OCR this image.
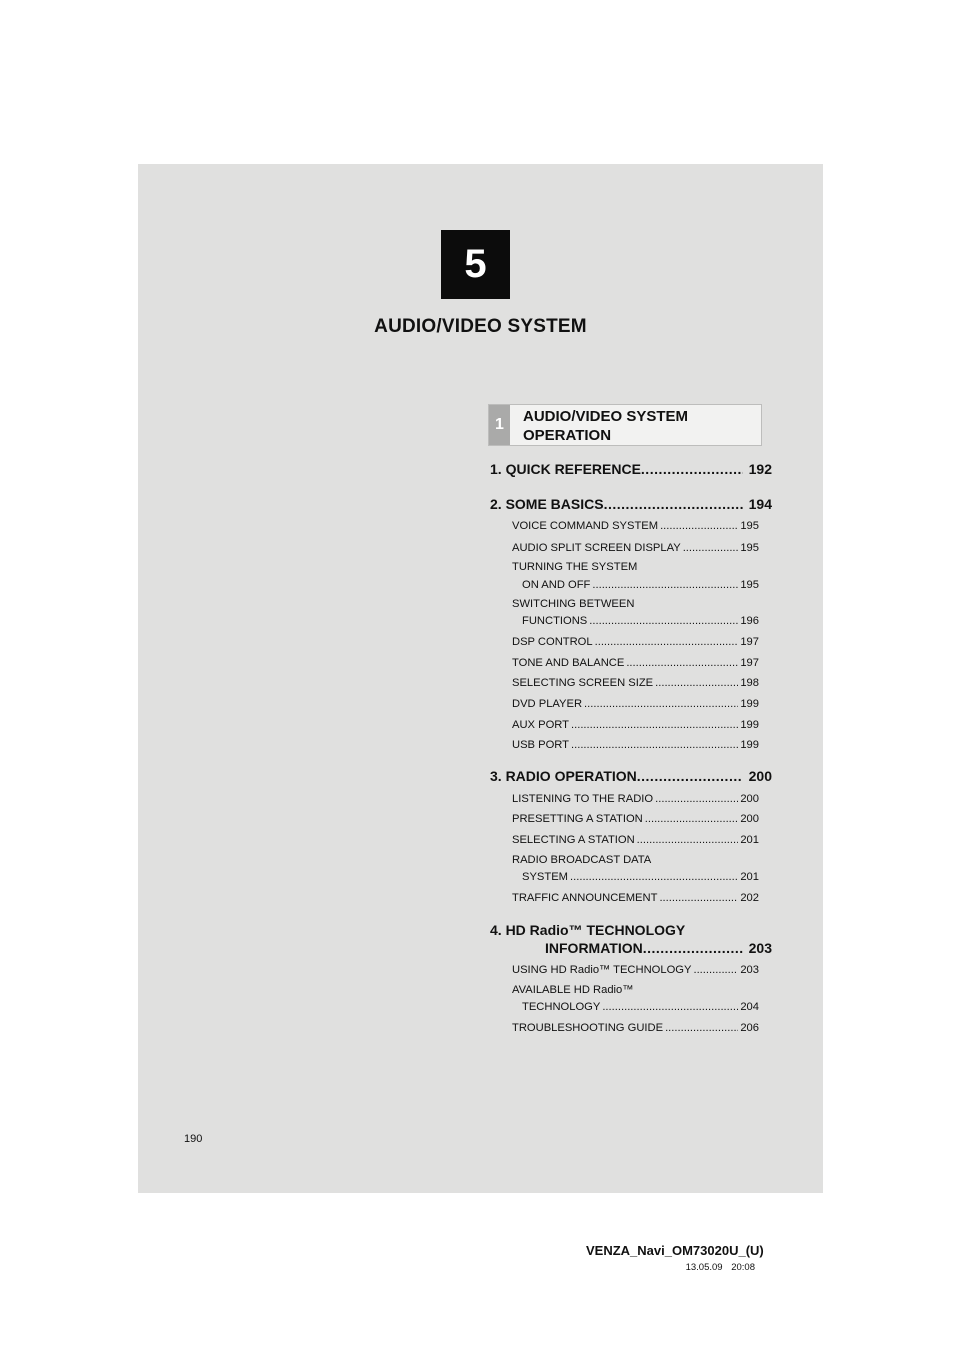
5
AUDIO/VIDEO SYSTEM
1	AUDIO/VIDEO SYSTEM OPERATION
1. QUICK REFERENCE .....	192
2. SOME BASICS .....	194
VOICE COMMAND SYSTEM .....	195
AUDIO SPLIT SCREEN DISPLAY .....	195
TURNING THE SYSTEM
ON AND OFF .....	195
SWITCHING BETWEEN
FUNCTIONS .....	196
DSP CONTROL .....	197
TONE AND BALANCE .....	197
SELECTING SCREEN SIZE .....	198
DVD PLAYER .....	199
AUX PORT .....	199
USB PORT .....	199
3. RADIO OPERATION .....	200
LISTENING TO THE RADIO .....	200
PRESETTING A STATION .....	200
SELECTING A STATION .....	201
RADIO BROADCAST DATA
SYSTEM .....	201
TRAFFIC ANNOUNCEMENT .....	202
4. HD Radio™ TECHNOLOGY
INFORMATION .....	203
USING HD Radio™ TECHNOLOGY .....	203
AVAILABLE HD Radio™
TECHNOLOGY .....	204
TROUBLESHOOTING GUIDE .....	206
190
VENZA_Navi_OM73020U_(U)
13.05.09 20:08
